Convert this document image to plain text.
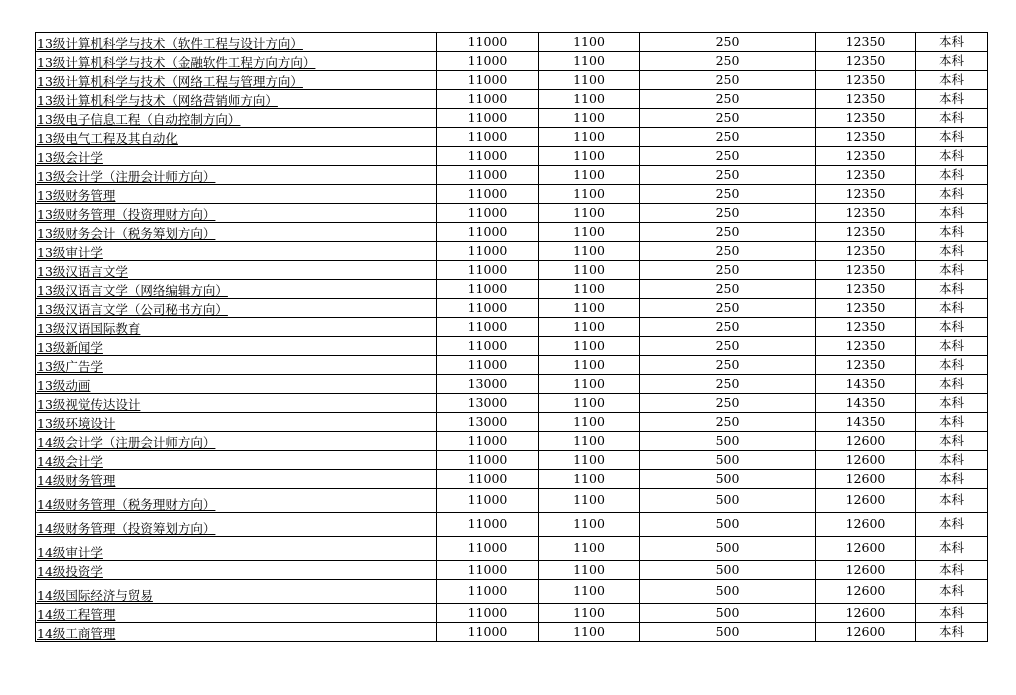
13级计算机科学与技术（软件工程与设计方向）	11000	1100	250	12350	本科
13级计算机科学与技术（金融软件工程方向方向）	11000	1100	250	12350	本科
13级计算机科学与技术（网络工程与管理方向）	11000	1100	250	12350	本科
13级计算机科学与技术（网络营销师方向）	11000	1100	250	12350	本科
13级电子信息工程（自动控制方向）	11000	1100	250	12350	本科
13级电气工程及其自动化	11000	1100	250	12350	本科
13级会计学	11000	1100	250	12350	本科
13级会计学（注册会计师方向）	11000	1100	250	12350	本科
13级财务管理	11000	1100	250	12350	本科
13级财务管理（投资理财方向）	11000	1100	250	12350	本科
13级财务会计（税务筹划方向）	11000	1100	250	12350	本科
13级审计学	11000	1100	250	12350	本科
13级汉语言文学	11000	1100	250	12350	本科
13级汉语言文学（网络编辑方向）	11000	1100	250	12350	本科
13级汉语言文学（公司秘书方向）	11000	1100	250	12350	本科
13级汉语国际教育	11000	1100	250	12350	本科
13级新闻学	11000	1100	250	12350	本科
13级广告学	11000	1100	250	12350	本科
13级动画	13000	1100	250	14350	本科
13级视觉传达设计	13000	1100	250	14350	本科
13级环境设计	13000	1100	250	14350	本科
14级会计学（注册会计师方向）	11000	1100	500	12600	本科
14级会计学	11000	1100	500	12600	本科
14级财务管理	11000	1100	500	12600	本科
14级财务管理（税务理财方向）	11000	1100	500	12600	本科
14级财务管理（投资筹划方向）	11000	1100	500	12600	本科
14级审计学	11000	1100	500	12600	本科
14级投资学	11000	1100	500	12600	本科
14级国际经济与贸易	11000	1100	500	12600	本科
14级工程管理	11000	1100	500	12600	本科
14级工商管理	11000	1100	500	12600	本科
